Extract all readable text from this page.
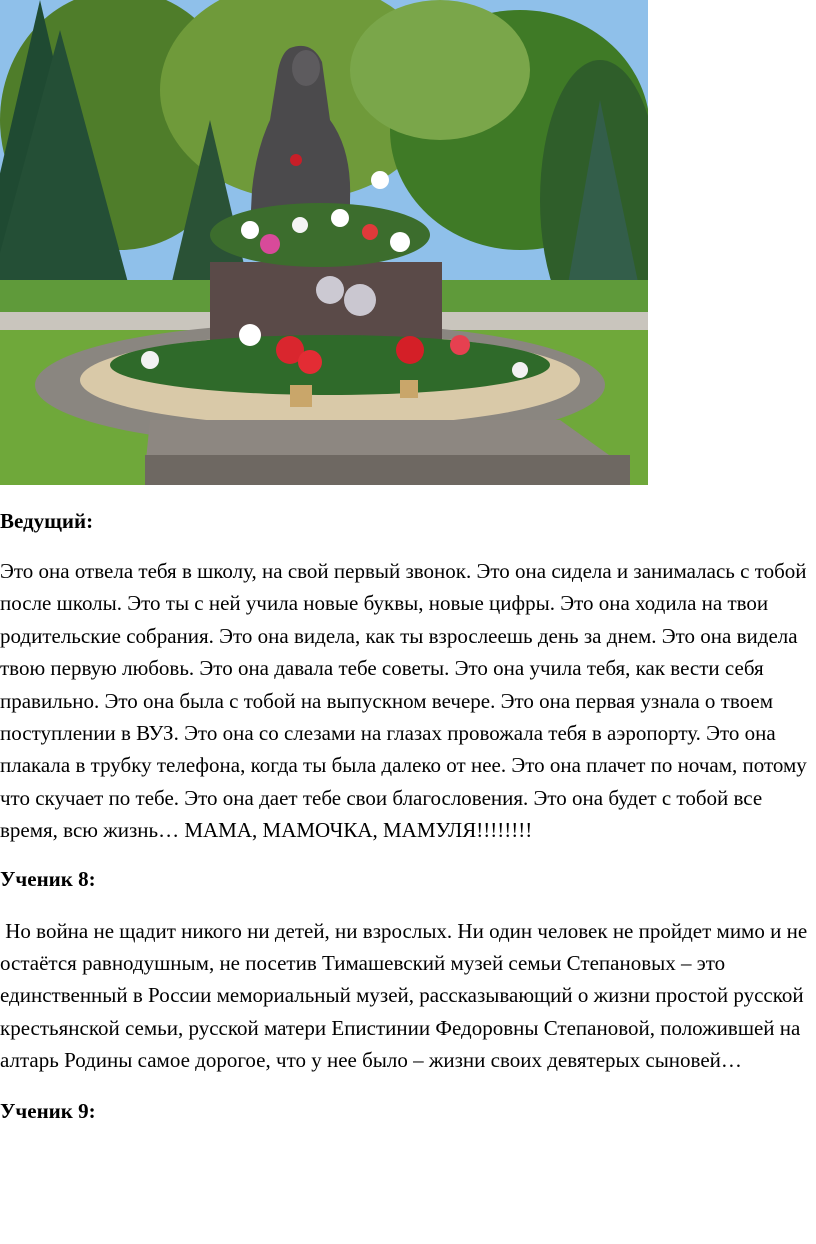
Ведущий:

Это она отвела тебя в школу, на свой первый звонок. Это она сидела и занималась с тобой после школы. Это ты с ней учила новые буквы, новые цифры. Это она ходила на твои родительские собрания. Это она видела, как ты взрослеешь день за днем. Это она видела твою первую любовь. Это она давала тебе советы. Это она учила тебя, как вести себя правильно. Это она была с тобой на выпускном вечере. Это она первая узнала о твоем поступлении в ВУЗ. Это она со слезами на глазах провожала тебя в аэропорту. Это она плакала в трубку телефона, когда ты была далеко от нее. Это она плачет по ночам, потому что скучает по тебе. Это она дает тебе свои благословения. Это она будет с тобой все время, всю жизнь… МАМА, МАМОЧКА, МАМУЛЯ!!!!!!!!

Ученик 8:

Но война не щадит никого ни детей, ни взрослых. Ни один человек не пройдет мимо и не остаётся равнодушным, не посетив Тимашевский музей семьи Степановых – это единственный в России мемориальный музей, рассказывающий о жизни простой русской крестьянской семьи, русской матери Епистинии Федоровны Степановой, положившей на алтарь Родины самое дорогое, что у нее было – жизни своих девятерых сыновей…

Ученик 9:
